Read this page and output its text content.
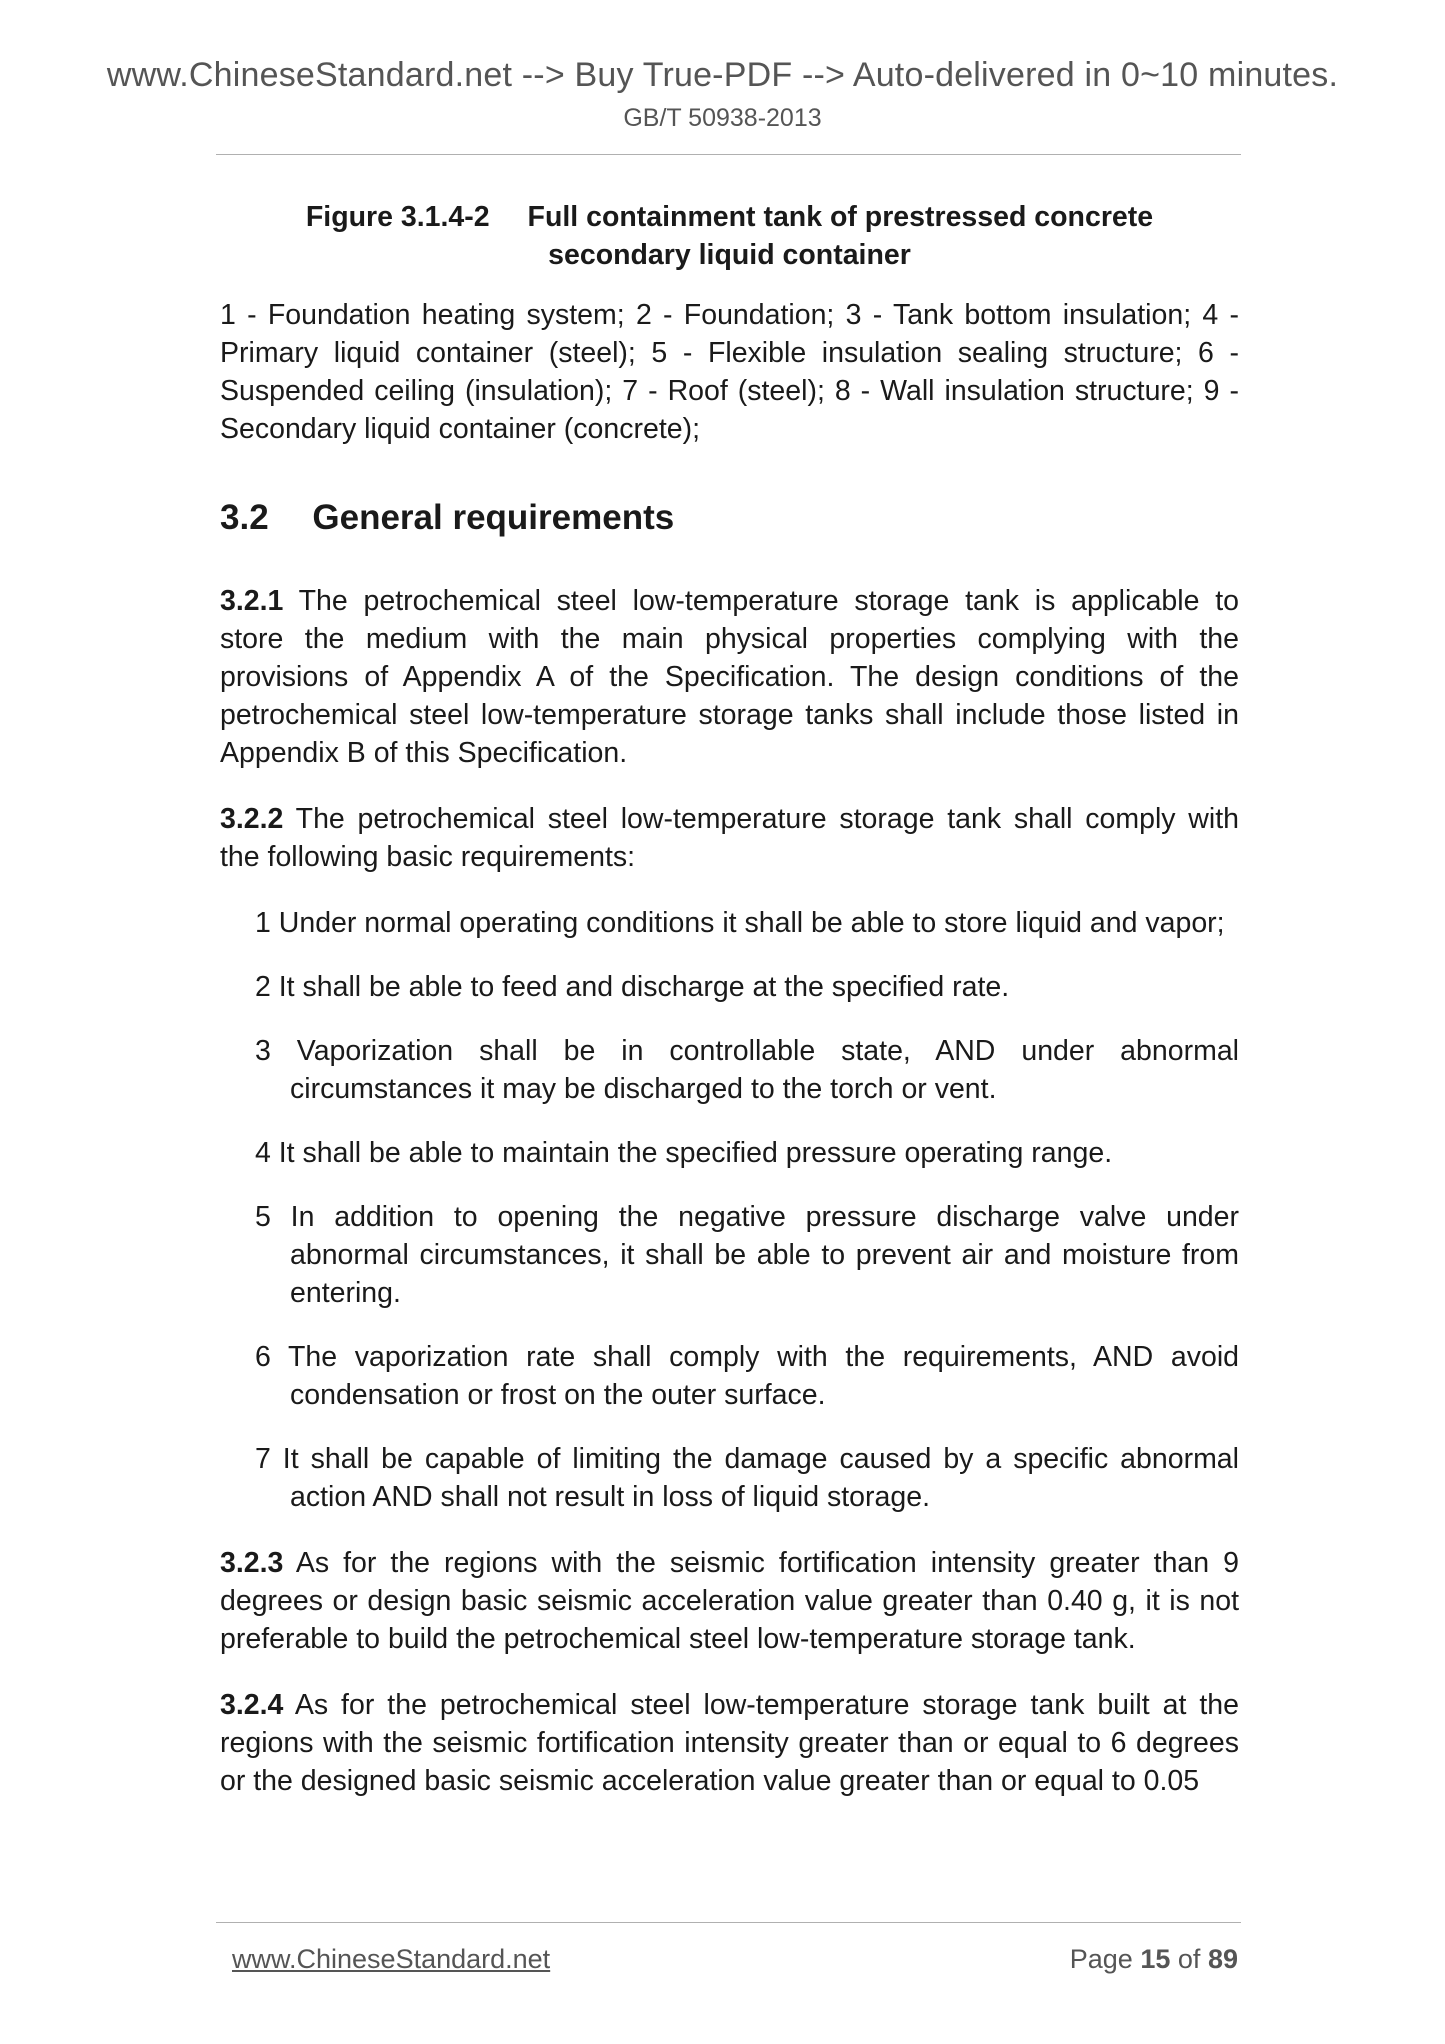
www.ChineseStandard.net --> Buy True-PDF --> Auto-delivered in 0~10 minutes.
GB/T 50938-2013
Figure 3.1.4-2 Full containment tank of prestressed concrete secondary liquid container

1 - Foundation heating system; 2 - Foundation; 3 - Tank bottom insulation; 4 - Primary liquid container (steel); 5 - Flexible insulation sealing structure; 6 - Suspended ceiling (insulation); 7 - Roof (steel); 8 - Wall insulation structure; 9 - Secondary liquid container (concrete);

3.2 General requirements

3.2.1 The petrochemical steel low-temperature storage tank is applicable to store the medium with the main physical properties complying with the provisions of Appendix A of the Specification. The design conditions of the petrochemical steel low-temperature storage tanks shall include those listed in Appendix B of this Specification.

3.2.2 The petrochemical steel low-temperature storage tank shall comply with the following basic requirements:

1 Under normal operating conditions it shall be able to store liquid and vapor;
2 It shall be able to feed and discharge at the specified rate.
3 Vaporization shall be in controllable state, AND under abnormal circumstances it may be discharged to the torch or vent.
4 It shall be able to maintain the specified pressure operating range.
5 In addition to opening the negative pressure discharge valve under abnormal circumstances, it shall be able to prevent air and moisture from entering.
6 The vaporization rate shall comply with the requirements, AND avoid condensation or frost on the outer surface.
7 It shall be capable of limiting the damage caused by a specific abnormal action AND shall not result in loss of liquid storage.

3.2.3 As for the regions with the seismic fortification intensity greater than 9 degrees or design basic seismic acceleration value greater than 0.40 g, it is not preferable to build the petrochemical steel low-temperature storage tank.

3.2.4 As for the petrochemical steel low-temperature storage tank built at the regions with the seismic fortification intensity greater than or equal to 6 degrees or the designed basic seismic acceleration value greater than or equal to 0.05

www.ChineseStandard.net	Page 15 of 89
